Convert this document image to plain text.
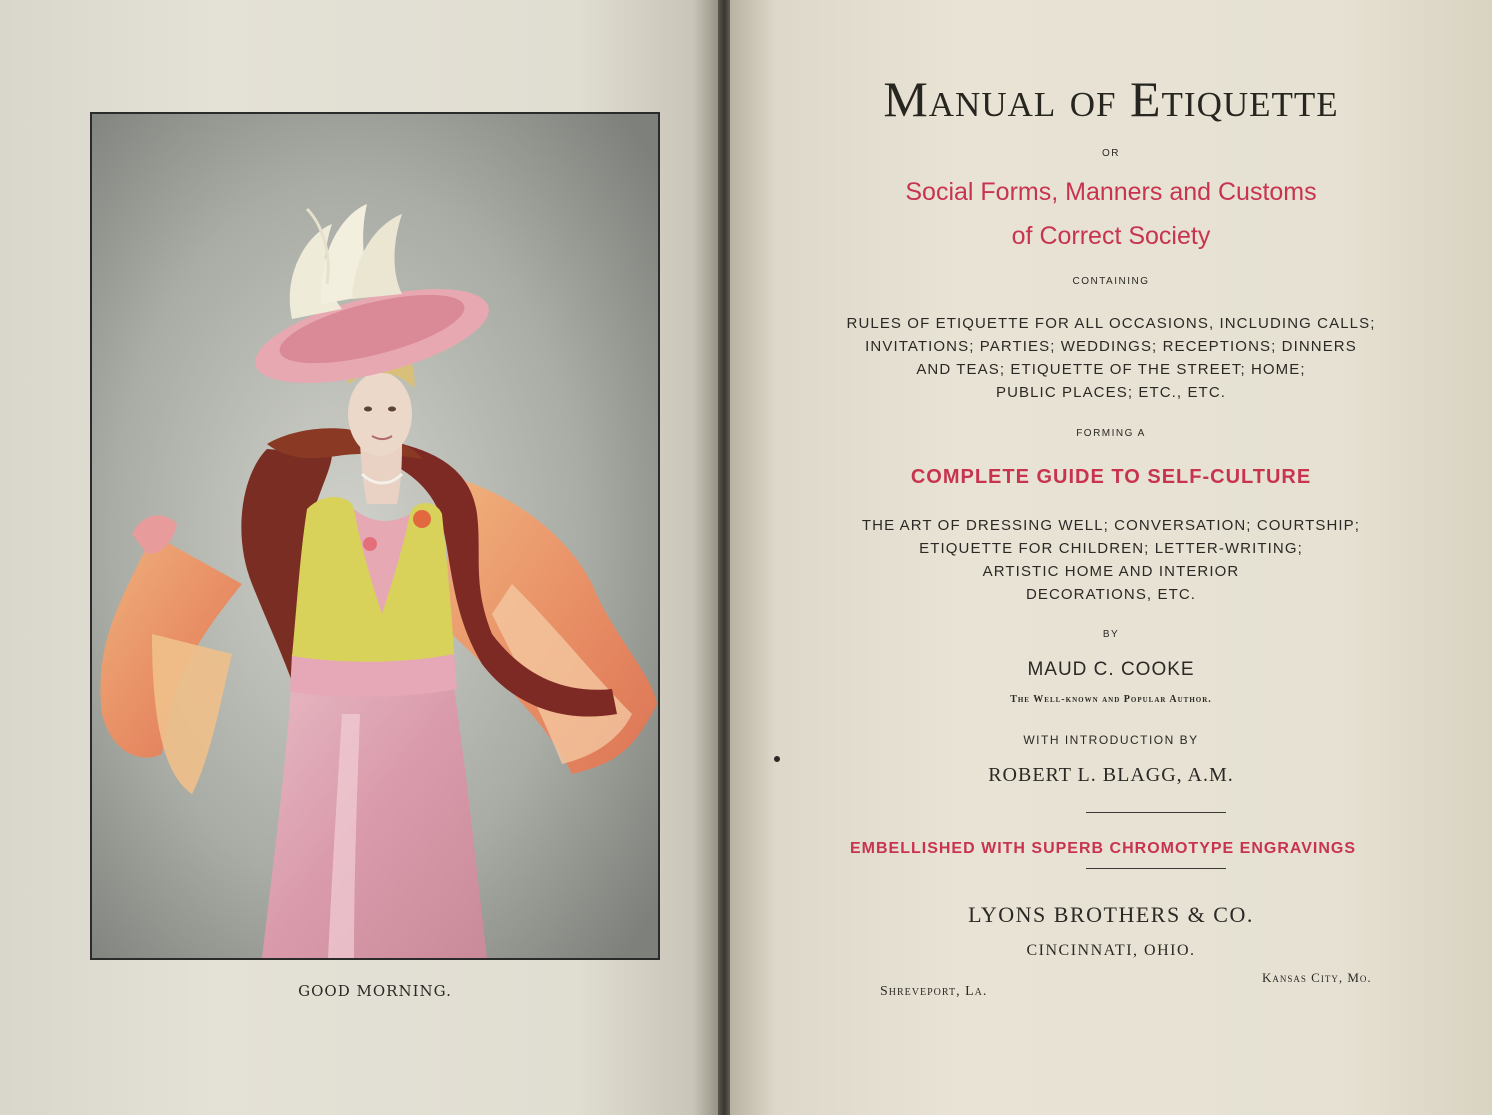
GOOD MORNING.
Manual of Etiquette
OR
Social Forms, Manners and Customs
of Correct Society
CONTAINING
RULES OF ETIQUETTE FOR ALL OCCASIONS, INCLUDING CALLS;
INVITATIONS; PARTIES; WEDDINGS; RECEPTIONS; DINNERS
AND TEAS; ETIQUETTE OF THE STREET; HOME;
PUBLIC PLACES; ETC., ETC.
FORMING A
COMPLETE GUIDE TO SELF-CULTURE
THE ART OF DRESSING WELL; CONVERSATION; COURTSHIP;
ETIQUETTE FOR CHILDREN; LETTER-WRITING;
ARTISTIC HOME AND INTERIOR
DECORATIONS, ETC.
BY
MAUD C. COOKE
The Well-known and Popular Author.
WITH INTRODUCTION BY
ROBERT L. BLAGG, A.M.
EMBELLISHED WITH SUPERB CHROMOTYPE ENGRAVINGS
LYONS BROTHERS & CO.
CINCINNATI, OHIO.
Shreveport, La.
Kansas City, Mo.
